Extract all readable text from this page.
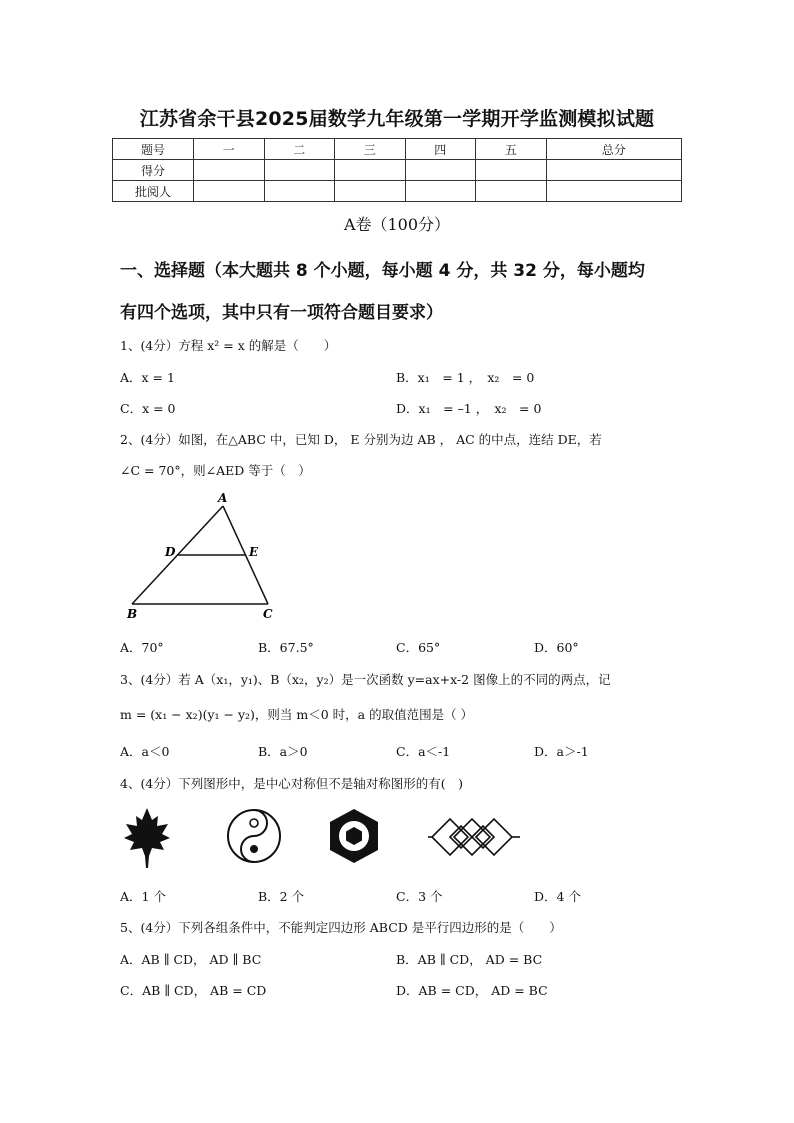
江苏省余干县2025届数学九年级第一学期开学监测模拟试题
题号	一	二	三	四	五	总分
得分						
批阅人						
A卷（100分）
一、选择题（本大题共 8 个小题，每小题 4 分，共 32 分，每小题均
有四个选项，其中只有一项符合题目要求）
1、(4分）方程 x² = x 的解是（　　）
A．x = 1	B．x₁　= 1 ，　x₂　= 0
C．x = 0	D．x₁　= –1 ，　x₂　= 0
2、(4分）如图，在△ABC 中，已知 D， E 分别为边 AB ， AC 的中点，连结 DE，若
∠C = 70°，则∠AED 等于（　）
A
D	E
B	C
A．70°	B．67.5°	C．65°	D．60°
3、(4分）若 A（x₁，y₁)、B（x₂，y₂）是一次函数 y=ax+x-2 图像上的不同的两点，记
m = (x₁ − x₂)(y₁ − y₂)，则当 m＜0 时，a 的取值范围是（ ）
A．a＜0	B．a＞0	C．a＜-1	D．a＞-1
4、(4分）下列图形中，是中心对称但不是轴对称图形的有(　)
A．1 个	B．2 个	C．3 个	D．4 个
5、(4分）下列各组条件中，不能判定四边形 ABCD 是平行四边形的是（　　）
A．AB ∥ CD， AD ∥ BC	B．AB ∥ CD， AD = BC
C．AB ∥ CD， AB = CD	D．AB = CD， AD = BC
